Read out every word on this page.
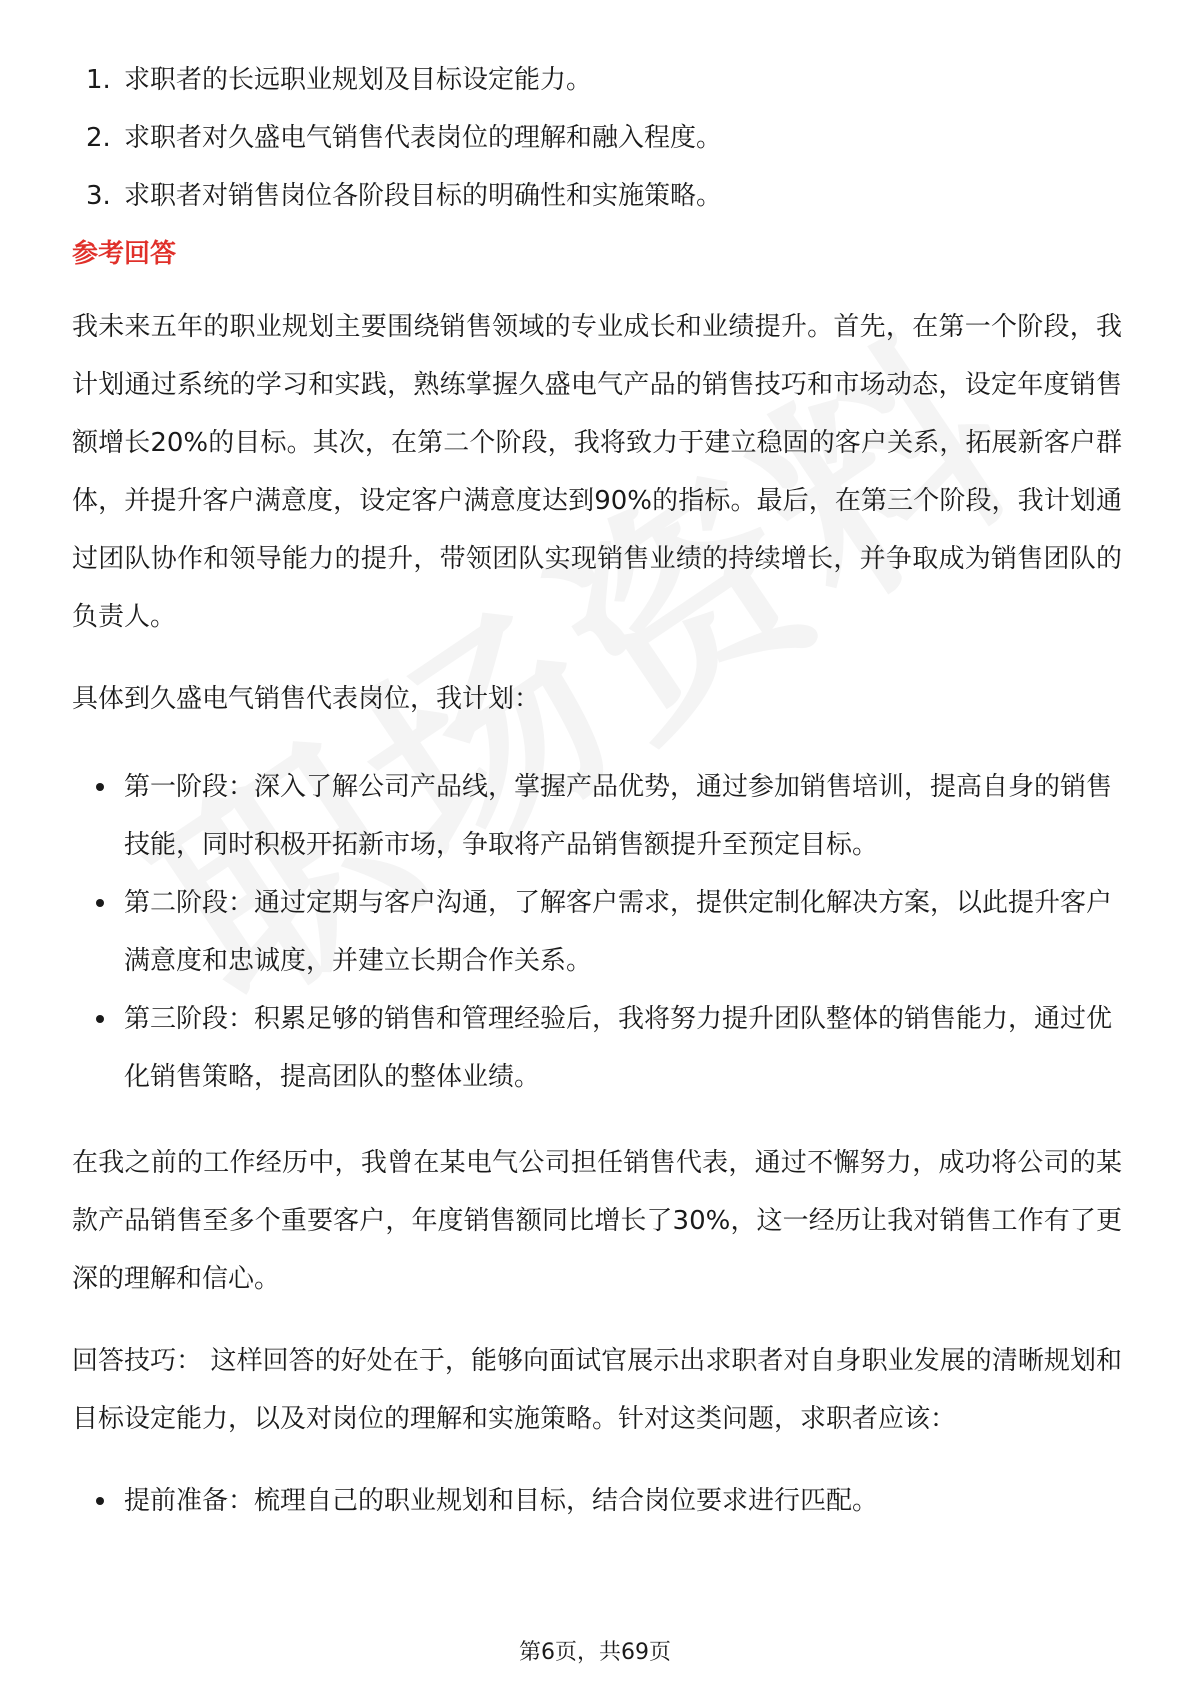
1. 求职者的长远职业规划及目标设定能力。
2. 求职者对久盛电气销售代表岗位的理解和融入程度。
3. 求职者对销售岗位各阶段目标的明确性和实施策略。
参考回答

我未来五年的职业规划主要围绕销售领域的专业成长和业绩提升。首先，在第一个阶段，我计划通过系统的学习和实践，熟练掌握久盛电气产品的销售技巧和市场动态，设定年度销售额增长20%的目标。其次，在第二个阶段，我将致力于建立稳固的客户关系，拓展新客户群体，并提升客户满意度，设定客户满意度达到90%的指标。最后，在第三个阶段，我计划通过团队协作和领导能力的提升，带领团队实现销售业绩的持续增长，并争取成为销售团队的负责人。

具体到久盛电气销售代表岗位，我计划：

第一阶段：深入了解公司产品线，掌握产品优势，通过参加销售培训，提高自身的销售技能，同时积极开拓新市场，争取将产品销售额提升至预定目标。
第二阶段：通过定期与客户沟通，了解客户需求，提供定制化解决方案，以此提升客户满意度和忠诚度，并建立长期合作关系。
第三阶段：积累足够的销售和管理经验后，我将努力提升团队整体的销售能力，通过优化销售策略，提高团队的整体业绩。

在我之前的工作经历中，我曾在某电气公司担任销售代表，通过不懈努力，成功将公司的某款产品销售至多个重要客户，年度销售额同比增长了30%，这一经历让我对销售工作有了更深的理解和信心。

回答技巧： 这样回答的好处在于，能够向面试官展示出求职者对自身职业发展的清晰规划和目标设定能力，以及对岗位的理解和实施策略。针对这类问题，求职者应该：

提前准备：梳理自己的职业规划和目标，结合岗位要求进行匹配。
第6页，共69页
